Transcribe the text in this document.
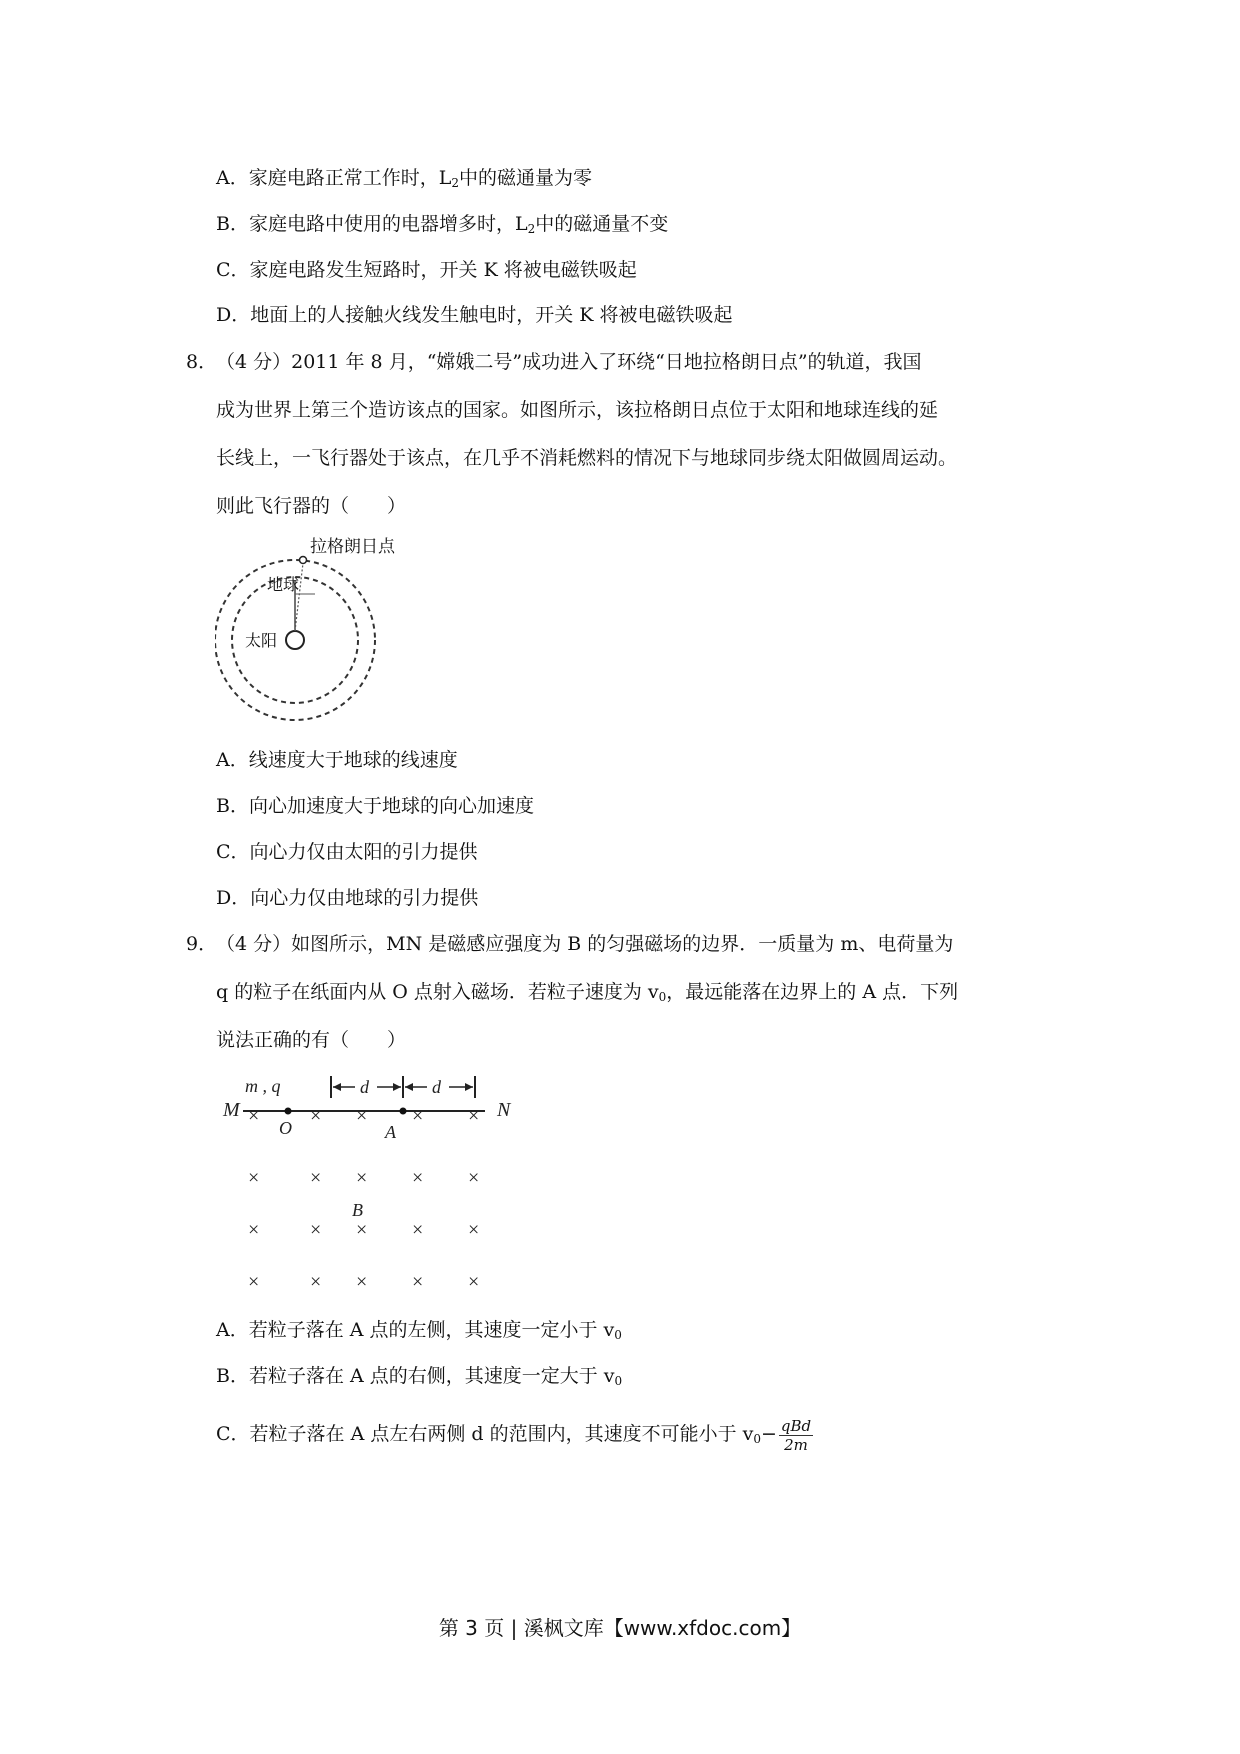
A．家庭电路正常工作时，$L_2$中的磁通量为零
B．家庭电路中使用的电器增多时，$L_2$中的磁通量不变
C．家庭电路发生短路时，开关 K 将被电磁铁吸起
D．地面上的人接触火线发生触电时，开关 K 将被电磁铁吸起
8．
（4 分）2011 年 8 月，“嫦娥二号”成功进入了环绕“日地拉格朗日点”的轨道，我国
成为世界上第三个造访该点的国家。如图所示，该拉格朗日点位于太阳和地球连线的延
长线上，一飞行器处于该点，在几乎不消耗燃料的情况下与地球同步绕太阳做圆周运动。
则此飞行器的（　　）
拉格朗日点
地球
太阳
A．线速度大于地球的线速度
B．向心加速度大于地球的向心加速度
C．向心力仅由太阳的引力提供
D．向心力仅由地球的引力提供
9．
（4 分）如图所示，MN 是磁感应强度为 B 的匀强磁场的边界．一质量为 m、电荷量为
q 的粒子在纸面内从 O 点射入磁场．若粒子速度为 $v_0$，最远能落在边界上的 A 点．下列
说法正确的有（　　）
M
m , q
N
d	d
O	A
B
×	× × × ×
×	× × × ×
×	× × × ×
×	× × × ×
A．若粒子落在 A 点的左侧，其速度一定小于 $v_0$
B．若粒子落在 A 点的右侧，其速度一定大于 $v_0$
C．若粒子落在 A 点左右两侧 d 的范围内，其速度不可能小于 $v_0- \frac{\text{qBd}}{2m}$
第 3 页 | 溪枫文库【www.xfdoc.com】
